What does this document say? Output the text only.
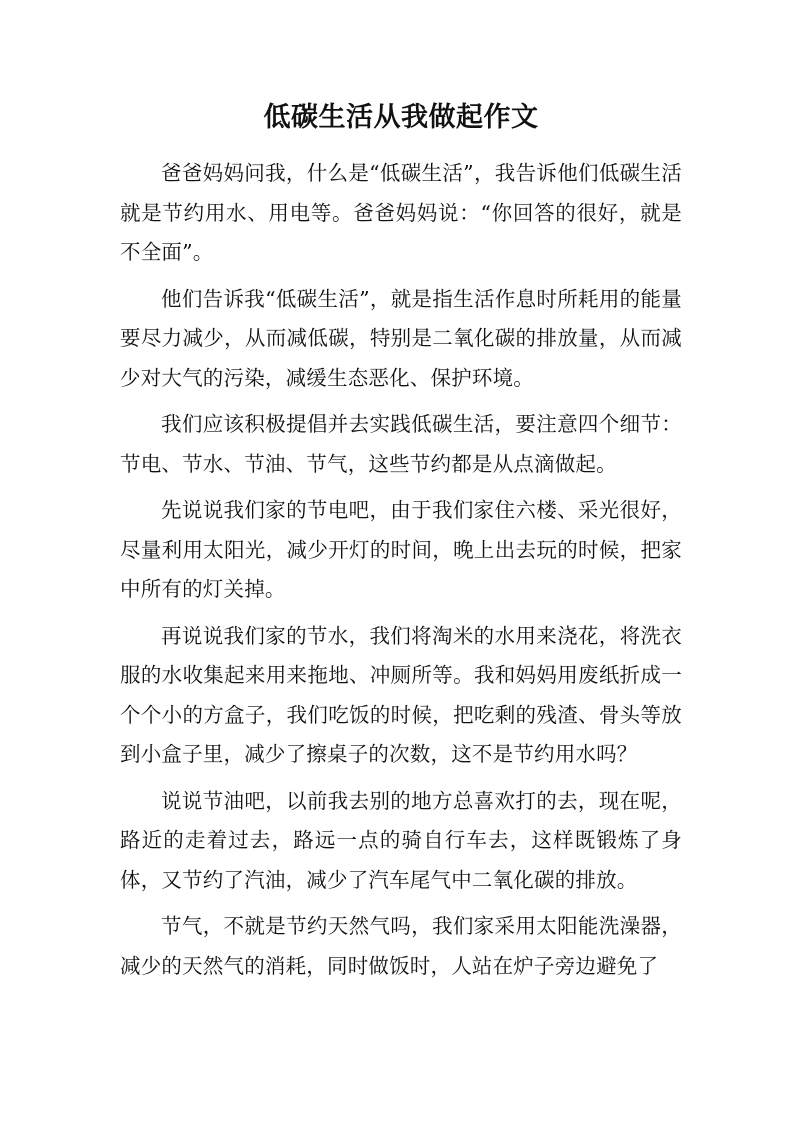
低碳生活从我做起作文

爸爸妈妈问我，什么是“低碳生活”，我告诉他们低碳生活就是节约用水、用电等。爸爸妈妈说：“你回答的很好，就是不全面”。

他们告诉我“低碳生活”，就是指生活作息时所耗用的能量要尽力减少，从而减低碳，特别是二氧化碳的排放量，从而减少对大气的污染，减缓生态恶化、保护环境。

我们应该积极提倡并去实践低碳生活，要注意四个细节：节电、节水、节油、节气，这些节约都是从点滴做起。

先说说我们家的节电吧，由于我们家住六楼、采光很好，尽量利用太阳光，减少开灯的时间，晚上出去玩的时候，把家中所有的灯关掉。

再说说我们家的节水，我们将淘米的水用来浇花，将洗衣服的水收集起来用来拖地、冲厕所等。我和妈妈用废纸折成一个个小的方盒子，我们吃饭的时候，把吃剩的残渣、骨头等放到小盒子里，减少了擦桌子的次数，这不是节约用水吗？

说说节油吧，以前我去别的地方总喜欢打的去，现在呢，路近的走着过去，路远一点的骑自行车去，这样既锻炼了身体，又节约了汽油，减少了汽车尾气中二氧化碳的排放。

节气，不就是节约天然气吗，我们家采用太阳能洗澡器，减少的天然气的消耗，同时做饭时，人站在炉子旁边避免了
